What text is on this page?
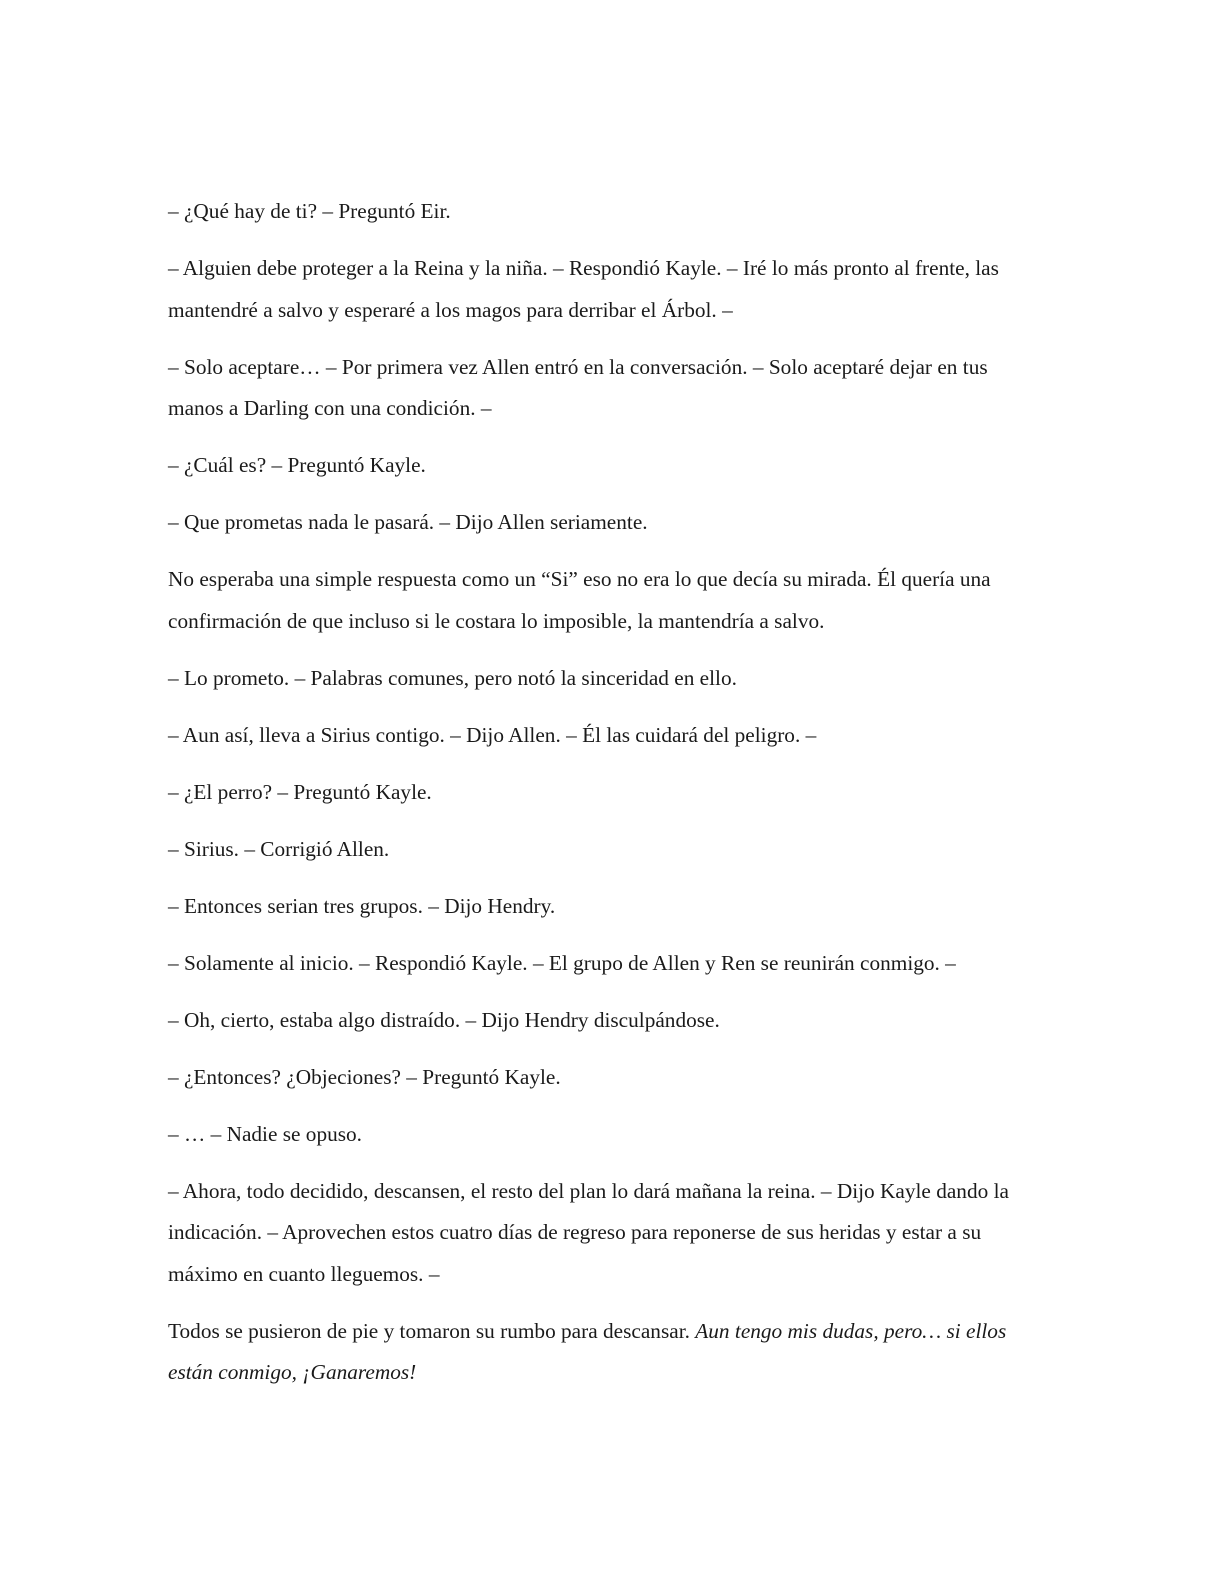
– ¿Qué hay de ti? – Preguntó Eir.

– Alguien debe proteger a la Reina y la niña. – Respondió Kayle. – Iré lo más pronto al frente, las mantendré a salvo y esperaré a los magos para derribar el Árbol. –

– Solo aceptare… – Por primera vez Allen entró en la conversación. – Solo aceptaré dejar en tus manos a Darling con una condición. –

– ¿Cuál es? – Preguntó Kayle.

– Que prometas nada le pasará. – Dijo Allen seriamente.

No esperaba una simple respuesta como un “Si” eso no era lo que decía su mirada. Él quería una confirmación de que incluso si le costara lo imposible, la mantendría a salvo.

– Lo prometo. – Palabras comunes, pero notó la sinceridad en ello.

– Aun así, lleva a Sirius contigo. – Dijo Allen. – Él las cuidará del peligro. –

– ¿El perro? – Preguntó Kayle.

– Sirius. – Corrigió Allen.

– Entonces serian tres grupos. – Dijo Hendry.

– Solamente al inicio. – Respondió Kayle. – El grupo de Allen y Ren se reunirán conmigo. –

– Oh, cierto, estaba algo distraído. – Dijo Hendry disculpándose.

– ¿Entonces? ¿Objeciones? – Preguntó Kayle.

– … – Nadie se opuso.

– Ahora, todo decidido, descansen, el resto del plan lo dará mañana la reina. – Dijo Kayle dando la indicación. – Aprovechen estos cuatro días de regreso para reponerse de sus heridas y estar a su máximo en cuanto lleguemos. –

Todos se pusieron de pie y tomaron su rumbo para descansar. Aun tengo mis dudas, pero… si ellos están conmigo, ¡Ganaremos!
